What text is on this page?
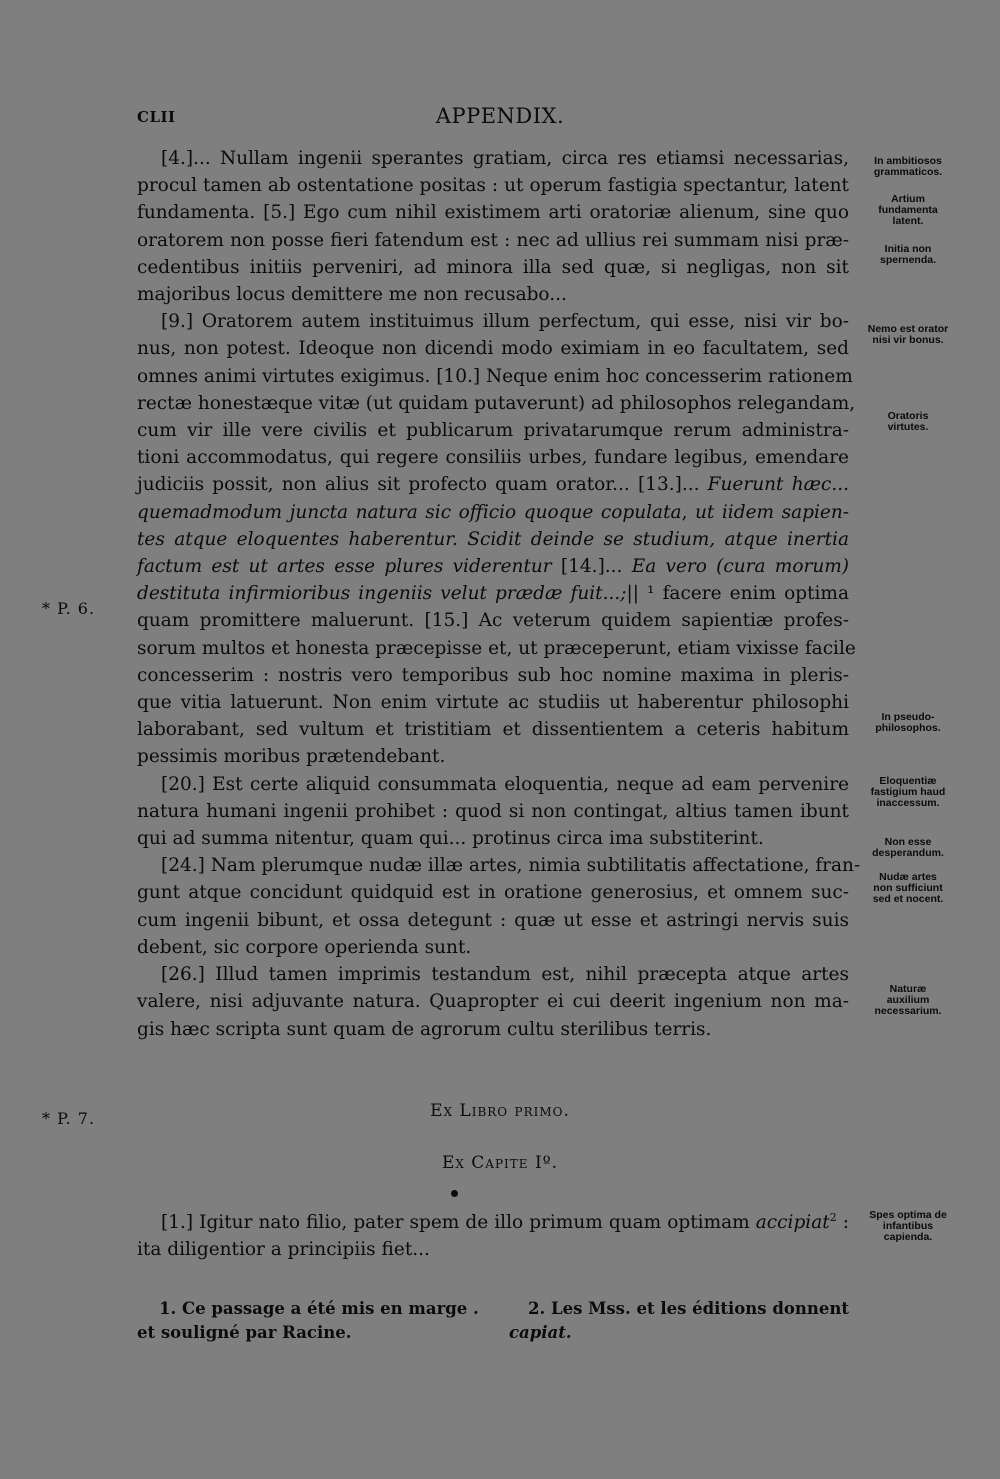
CLII	APPENDIX.
[4.]... Nullam ingenii sperantes gratiam, circa res etiamsi necessarias,
procul tamen ab ostentatione positas : ut operum fastigia spectantur, latent
fundamenta. [5.] Ego cum nihil existimem arti oratoriæ alienum, sine quo
oratorem non posse fieri fatendum est : nec ad ullius rei summam nisi præ-
cedentibus initiis perveniri, ad minora illa sed quæ, si negligas, non sit
majoribus locus demittere me non recusabo...
[9.] Oratorem autem instituimus illum perfectum, qui esse, nisi vir bo-
nus, non potest. Ideoque non dicendi modo eximiam in eo facultatem, sed
omnes animi virtutes exigimus. [10.] Neque enim hoc concesserim rationem
rectæ honestæque vitæ (ut quidam putaverunt) ad philosophos relegandam,
cum vir ille vere civilis et publicarum privatarumque rerum administra-
tioni accommodatus, qui regere consiliis urbes, fundare legibus, emendare
judiciis possit, non alius sit profecto quam orator... [13.]... Fuerunt hæc...
quemadmodum juncta natura sic officio quoque copulata, ut iidem sapien-
tes atque eloquentes haberentur. Scidit deinde se studium, atque inertia
factum est ut artes esse plures viderentur [14.]... Ea vero (cura morum)
destituta infirmioribus ingeniis velut prædæ fuit...;|| ¹ facere enim optima
quam promittere maluerunt. [15.] Ac veterum quidem sapientiæ profes-
sorum multos et honesta præcepisse et, ut præceperunt, etiam vixisse facile
concesserim : nostris vero temporibus sub hoc nomine maxima in pleris-
que vitia latuerunt. Non enim virtute ac studiis ut haberentur philosophi
laborabant, sed vultum et tristitiam et dissentientem a ceteris habitum
pessimis moribus prætendebant.
[20.] Est certe aliquid consummata eloquentia, neque ad eam pervenire
natura humani ingenii prohibet : quod si non contingat, altius tamen ibunt
qui ad summa nitentur, quam qui... protinus circa ima substiterint.
[24.] Nam plerumque nudæ illæ artes, nimia subtilitatis affectatione, fran-
gunt atque concidunt quidquid est in oratione generosius, et omnem suc-
cum ingenii bibunt, et ossa detegunt : quæ ut esse et astringi nervis suis
debent, sic corpore operienda sunt.
[26.] Illud tamen imprimis testandum est, nihil præcepta atque artes
valere, nisi adjuvante natura. Quapropter ei cui deerit ingenium non ma-
gis hæc scripta sunt quam de agrorum cultu sterilibus terris.
In ambitiosos
grammaticos.
Artium
fundamenta
latent.
Initia non
spernenda.
Nemo est orator
nisi vir bonus.
Oratoris
virtutes.
In pseudo-
philosophos.
Eloquentiæ
fastigium haud
inaccessum.
Non esse
desperandum.
Nudæ artes
non sufficiunt
sed et nocent.
Naturæ
auxilium
necessarium.
Spes optima de
infantibus
capienda.
* P. 6.
* P. 7.	Ex Libro primo.
Ex Capite Iº.
[1.] Igitur nato filio, pater spem de illo primum quam optimam accipiat$^2$ :
ita diligentior a principiis fiet...
1. Ce passage a été mis en marge .	2. Les Mss. et les éditions donnent
et souligné par Racine.	capiat.
